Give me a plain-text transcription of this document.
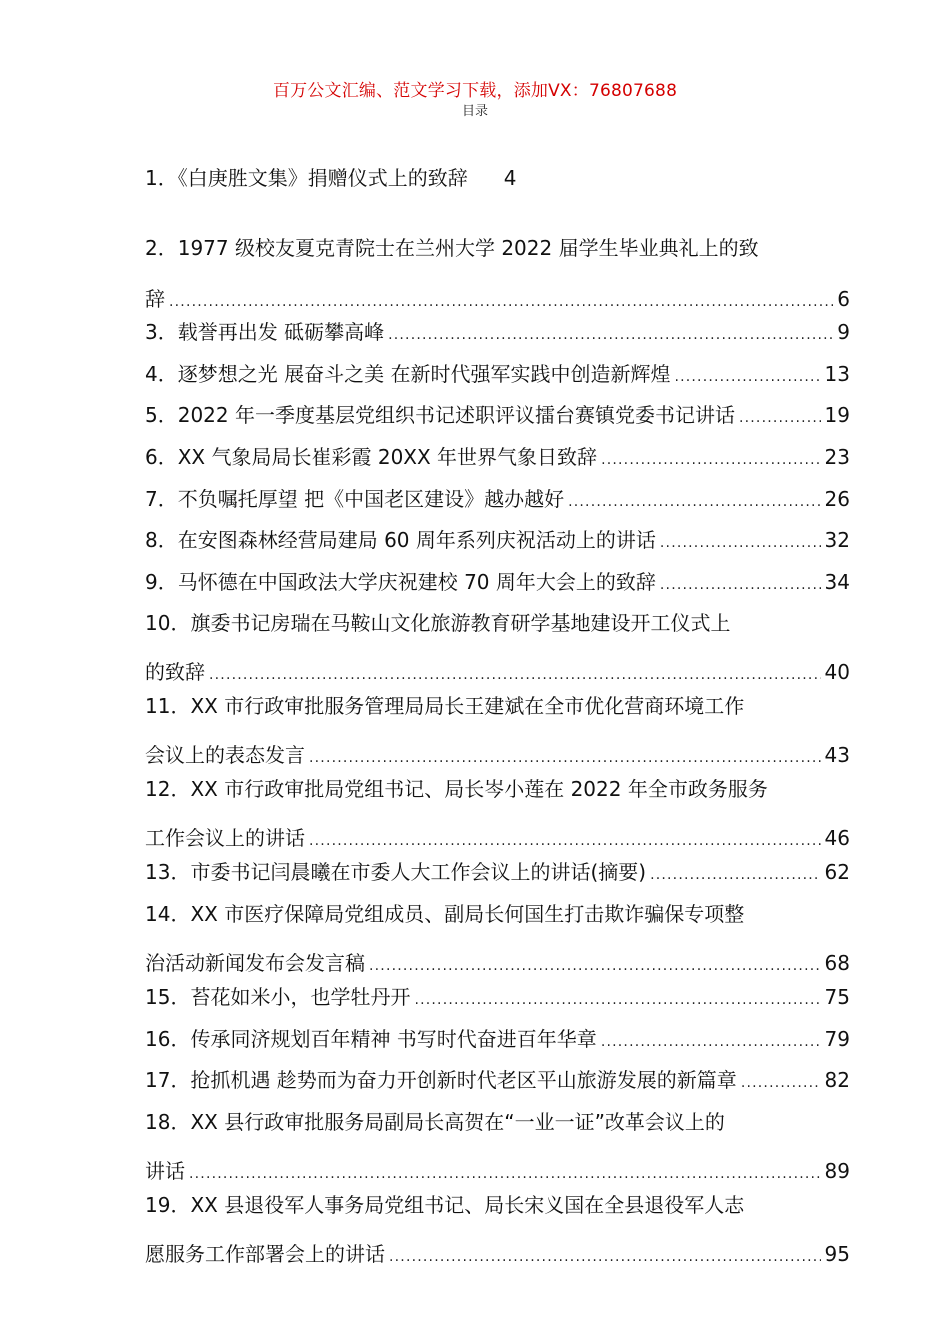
百万公文汇编、范文学习下载，添加VX：76807688
目录
1．《白庚胜文集》捐赠仪式上的致辞 4
2．1977 级校友夏克青院士在兰州大学 2022 届学生毕业典礼上的致
辞 .....	6
3．载誉再出发 砥砺攀高峰 .....	9
4．逐梦想之光 展奋斗之美 在新时代强军实践中创造新辉煌 .....	13
5．2022 年一季度基层党组织书记述职评议擂台赛镇党委书记讲话 .....	19
6．XX 气象局局长崔彩霞 20XX 年世界气象日致辞 .....	23
7．不负嘱托厚望 把《中国老区建设》越办越好 .....	26
8．在安图森林经营局建局 60 周年系列庆祝活动上的讲话 .....	32
9．马怀德在中国政法大学庆祝建校 70 周年大会上的致辞 .....	34
10．旗委书记房瑞在马鞍山文化旅游教育研学基地建设开工仪式上
的致辞 .....	40
11．XX 市行政审批服务管理局局长王建斌在全市优化营商环境工作
会议上的表态发言 .....	43
12．XX 市行政审批局党组书记、局长岑小莲在 2022 年全市政务服务
工作会议上的讲话 .....	46
13．市委书记闫晨曦在市委人大工作会议上的讲话(摘要) .....	62
14．XX 市医疗保障局党组成员、副局长何国生打击欺诈骗保专项整
治活动新闻发布会发言稿 .....	68
15．苔花如米小，也学牡丹开 .....	75
16．传承同济规划百年精神 书写时代奋进百年华章 .....	79
17．抢抓机遇 趁势而为奋力开创新时代老区平山旅游发展的新篇章 .....	82
18．XX 县行政审批服务局副局长高贺在“一业一证”改革会议上的
讲话 .....	89
19．XX 县退役军人事务局党组书记、局长宋义国在全县退役军人志
愿服务工作部署会上的讲话 .....	95
